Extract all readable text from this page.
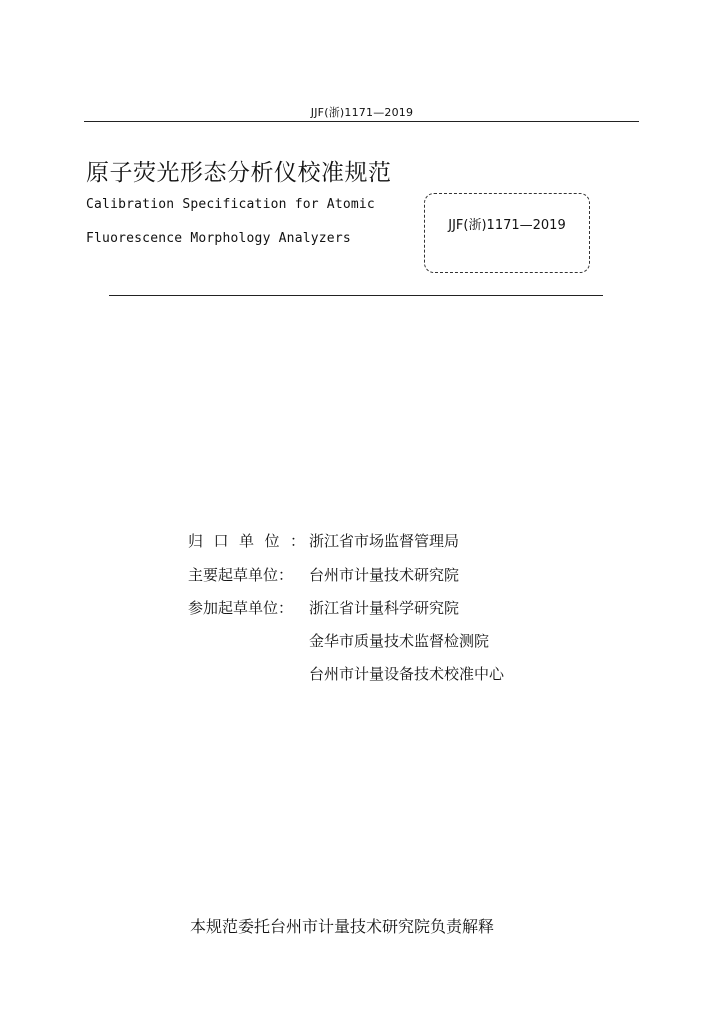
JJF(浙)1171—2019
原子荧光形态分析仪校准规范
Calibration Specification for Atomic
Fluorescence Morphology Analyzers
JJF(浙)1171—2019
归口单位：
浙江省市场监督管理局
主要起草单位： 台州市计量技术研究院
参加起草单位： 浙江省计量科学研究院
金华市质量技术监督检测院
台州市计量设备技术校准中心
本规范委托台州市计量技术研究院负责解释
